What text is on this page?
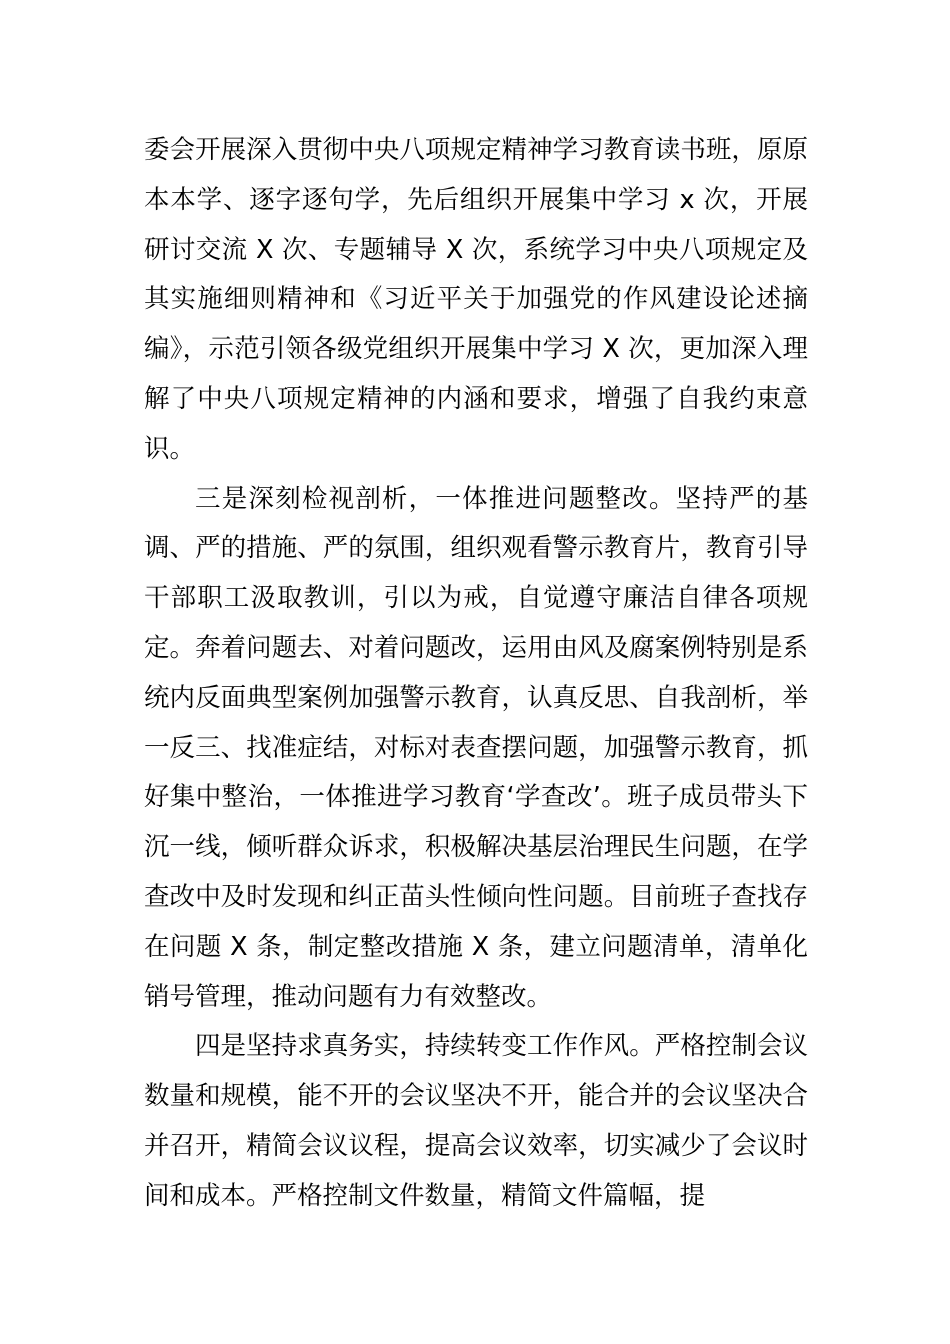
委会开展深入贯彻中央八项规定精神学习教育读书班，原原本本学、逐字逐句学，先后组织开展集中学习 x 次，开展研讨交流 X 次、专题辅导 X 次，系统学习中央八项规定及其实施细则精神和《习近平关于加强党的作风建设论述摘编》，示范引领各级党组织开展集中学习 X 次，更加深入理解了中央八项规定精神的内涵和要求，增强了自我约束意识。

三是深刻检视剖析，一体推进问题整改。坚持严的基调、严的措施、严的氛围，组织观看警示教育片，教育引导干部职工汲取教训，引以为戒，自觉遵守廉洁自律各项规定。奔着问题去、对着问题改，运用由风及腐案例特别是系统内反面典型案例加强警示教育，认真反思、自我剖析，举一反三、找准症结，对标对表查摆问题，加强警示教育，抓好集中整治，一体推进学习教育‘学查改’。班子成员带头下沉一线，倾听群众诉求，积极解决基层治理民生问题，在学查改中及时发现和纠正苗头性倾向性问题。目前班子查找存在问题 X 条，制定整改措施 X 条，建立问题清单，清单化销号管理，推动问题有力有效整改。

四是坚持求真务实，持续转变工作作风。严格控制会议数量和规模，能不开的会议坚决不开，能合并的会议坚决合并召开，精简会议议程，提高会议效率，切实减少了会议时间和成本。严格控制文件数量，精简文件篇幅，提
